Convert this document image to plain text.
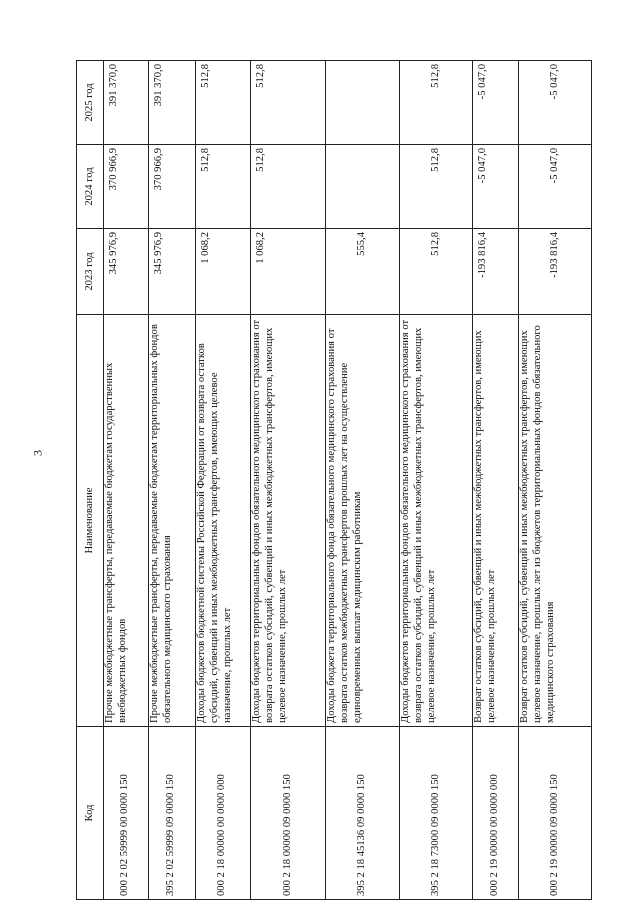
3
Код	Наименование	2023 год	2024 год	2025 год
000 2 02 59999 00 0000 150	Прочие межбюджетные трансферты, передаваемые бюджетам государственных внебюджетных фондов	345 976,9	370 966,9	391 370,0
395 2 02 59999 09 0000 150	Прочие межбюджетные трансферты, передаваемые бюджетам территориальных фондов обязательного медицинского страхования	345 976,9	370 966,9	391 370,0
000 2 18 00000 00 0000 000	Доходы бюджетов бюджетной системы Российской Федерации от возврата остатков субсидий, субвенций и иных межбюджетных трансфертов, имеющих целевое назначение, прошлых лет	1 068,2	512,8	512,8
000 2 18 00000 09 0000 150	Доходы бюджетов территориальных фондов обязательного медицинского страхования от возврата остатков субсидий, субвенций и иных межбюджетных трансфертов, имеющих целевое назначение, прошлых лет	1 068,2	512,8	512,8
395 2 18 45136 09 0000 150	Доходы бюджета территориального фонда обязательного медицинского страхования от возврата остатков межбюджетных трансфертов прошлых лет на осуществление единовременных выплат медицинским работникам	555,4		
395 2 18 73000 09 0000 150	Доходы бюджетов территориальных фондов обязательного медицинского страхования от возврата остатков субсидий, субвенций и иных межбюджетных трансфертов, имеющих целевое назначение, прошлых лет	512,8	512,8	512,8
000 2 19 00000 00 0000 000	Возврат остатков субсидий, субвенций и иных межбюджетных трансфертов, имеющих целевое назначение, прошлых лет	-193 816,4	-5 047,0	-5 047,0
000 2 19 00000 09 0000 150	Возврат остатков субсидий, субвенций и иных межбюджетных трансфертов, имеющих целевое назначение, прошлых лет из бюджетов территориальных фондов обязательного медицинского страхования	-193 816,4	-5 047,0	-5 047,0
